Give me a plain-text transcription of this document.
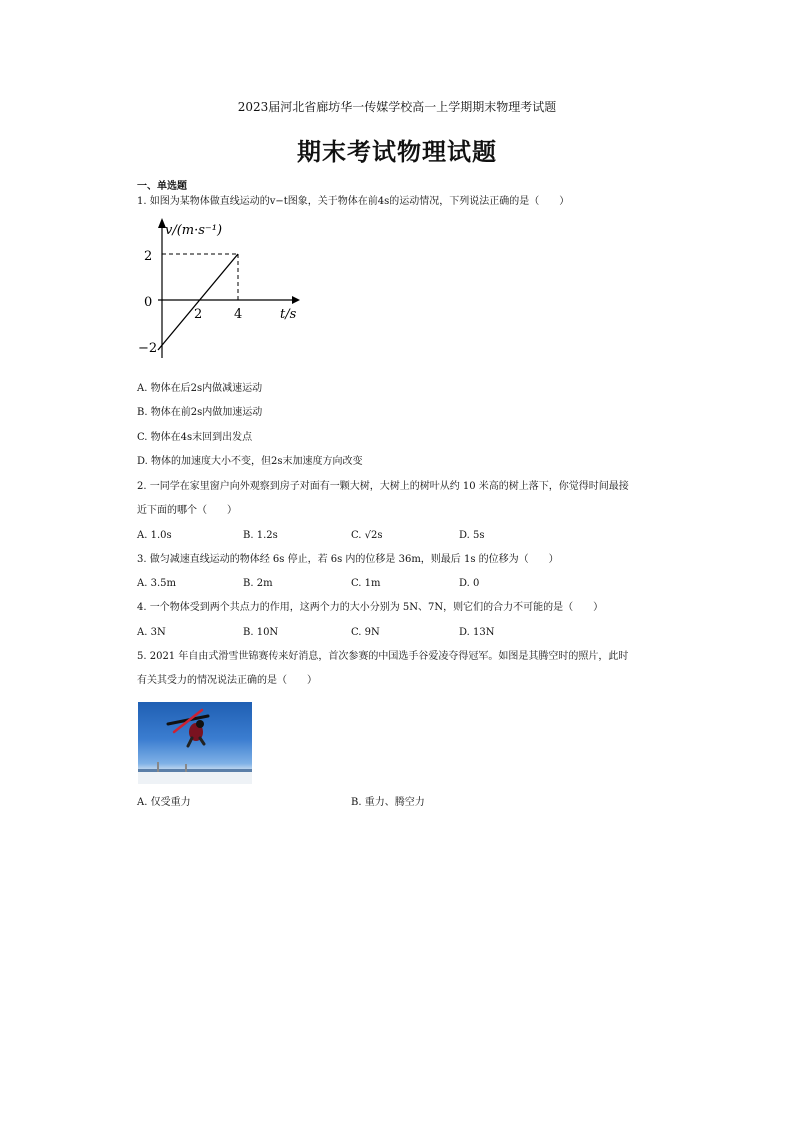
2023届河北省廊坊华一传媒学校高一上学期期末物理考试题
期末考试物理试题
一、单选题
1. 如图为某物体做直线运动的v−t图象，关于物体在前4s的运动情况，下列说法正确的是（　　）
v/(m·s⁻¹)
2
0
−2
2 4	t/s
A. 物体在后2s内做减速运动
B. 物体在前2s内做加速运动
C. 物体在4s末回到出发点
D. 物体的加速度大小不变，但2s末加速度方向改变
2. 一同学在家里窗户向外观察到房子对面有一颗大树，大树上的树叶从约 10 米高的树上落下，你觉得时间最接
近下面的哪个（　　）
A. 1.0s	B. 1.2s	C. √2s	D. 5s
3. 做匀减速直线运动的物体经 6s 停止，若 6s 内的位移是 36m，则最后 1s 的位移为（　　）
A. 3.5m	B. 2m	C. 1m	D. 0
4. 一个物体受到两个共点力的作用，这两个力的大小分别为 5N、7N，则它们的合力不可能的是（　　）
A. 3N	B. 10N	C. 9N	D. 13N
5. 2021 年自由式滑雪世锦赛传来好消息，首次参赛的中国选手谷爱凌夺得冠军。如图是其腾空时的照片，此时
有关其受力的情况说法正确的是（　　）
A. 仅受重力	B. 重力、腾空力
